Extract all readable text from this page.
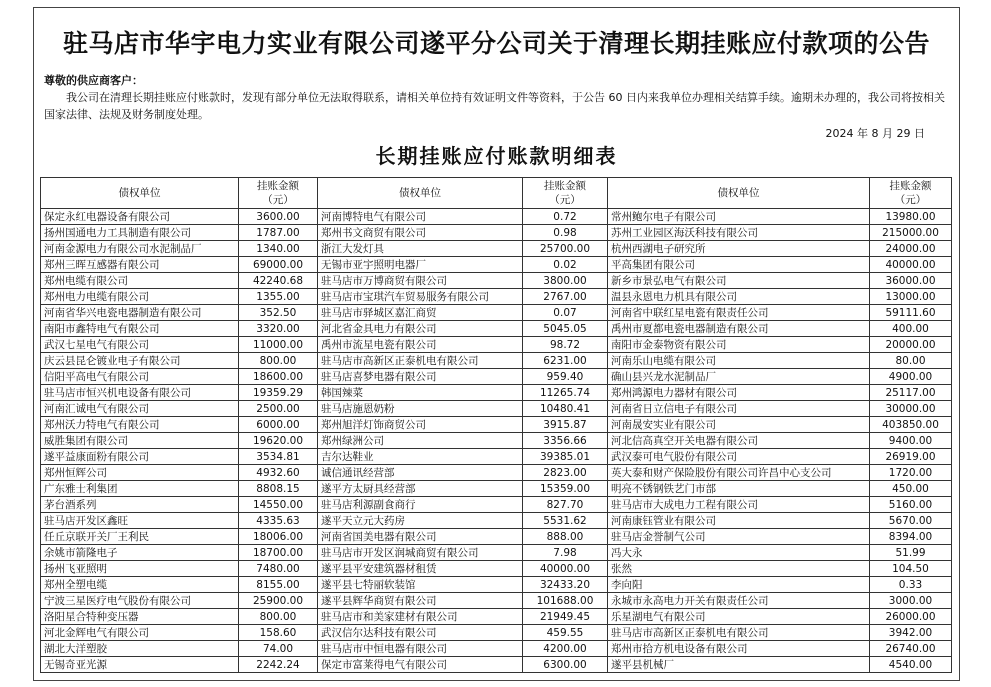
驻马店市华宇电力实业有限公司遂平分公司关于清理长期挂账应付款项的公告
尊敬的供应商客户：
我公司在清理长期挂账应付账款时，发现有部分单位无法取得联系，请相关单位持有效证明文件等资料，于公告 60 日内来我单位办理相关结算手续。逾期未办理的，我公司将按相关国家法律、法规及财务制度处理。
2024 年 8 月 29 日
长期挂账应付账款明细表
债权单位	挂账金额
（元）	债权单位	挂账金额
（元）	债权单位	挂账金额
（元）

保定永红电器设备有限公司	3600.00	河南博特电气有限公司	0.72	常州鲍尔电子有限公司	13980.00
扬州国通电力工具制造有限公司	1787.00	郑州书文商贸有限公司	0.98	苏州工业园区海沃科技有限公司	215000.00
河南金源电力有限公司水泥制品厂	1340.00	浙江大发灯具	25700.00	杭州西湖电子研究所	24000.00
郑州三晖互感器有限公司	69000.00	无锡市亚宇照明电器厂	0.02	平高集团有限公司	40000.00
郑州电缆有限公司	42240.68	驻马店市万博商贸有限公司	3800.00	新乡市景弘电气有限公司	36000.00
郑州电力电缆有限公司	1355.00	驻马店市宝琪汽车贸易服务有限公司	2767.00	温县永恩电力机具有限公司	13000.00
河南省华兴电瓷电器制造有限公司	352.50	驻马店市驿城区嘉汇商贸	0.07	河南省中联红星电瓷有限责任公司	59111.60
南阳市鑫特电气有限公司	3320.00	河北省金具电力有限公司	5045.05	禹州市夏都电瓷电器制造有限公司	400.00
武汉七星电气有限公司	11000.00	禹州市流星电瓷有限公司	98.72	南阳市金泰物资有限公司	20000.00
庆云县昆仑镀业电子有限公司	800.00	驻马店市高新区正泰机电有限公司	6231.00	河南乐山电缆有限公司	80.00
信阳平高电气有限公司	18600.00	驻马店喜梦电器有限公司	959.40	确山县兴龙水泥制品厂	4900.00
驻马店市恒兴机电设备有限公司	19359.29	韩国辣菜	11265.74	郑州鸿源电力器材有限公司	25117.00
河南汇诚电气有限公司	2500.00	驻马店施恩奶粉	10480.41	河南省日立信电子有限公司	30000.00
郑州沃力特电气有限公司	6000.00	郑州旭洋灯饰商贸公司	3915.87	河南晟安实业有限公司	403850.00
威胜集团有限公司	19620.00	郑州绿洲公司	3356.66	河北信高真空开关电器有限公司	9400.00
遂平益康面粉有限公司	3534.81	吉尔达鞋业	39385.01	武汉泰可电气股份有限公司	26919.00
郑州恒辉公司	4932.60	诚信通讯经营部	2823.00	英大泰和财产保险股份有限公司许昌中心支公司	1720.00
广东雅士利集团	8808.15	遂平方太厨具经营部	15359.00	明亮不锈钢铁艺门市部	450.00
茅台酒系列	14550.00	驻马店利源副食商行	827.70	驻马店市大成电力工程有限公司	5160.00
驻马店开发区鑫旺	4335.63	遂平天立元大药房	5531.62	河南康钰管业有限公司	5670.00
任丘京联开关厂王利民	18006.00	河南省国美电器有限公司	888.00	驻马店金誉制气公司	8394.00
余姚市箭隆电子	18700.00	驻马店市开发区润城商贸有限公司	7.98	冯大永	51.99
扬州飞亚照明	7480.00	遂平县平安建筑器材租赁	40000.00	张然	104.50
郑州全塑电缆	8155.00	遂平县七特丽软装馆	32433.20	李向阳	0.33
宁波三星医疗电气股份有限公司	25900.00	遂平县辉华商贸有限公司	101688.00	永城市永高电力开关有限责任公司	3000.00
洛阳星合特种变压器	800.00	驻马店市和美家建材有限公司	21949.45	乐星湖电气有限公司	26000.00
河北金辉电气有限公司	158.60	武汉信尔达科技有限公司	459.55	驻马店市高新区正泰机电有限公司	3942.00
湖北大洋塑胶	74.00	驻马店市中恒电器有限公司	4200.00	郑州市拾方机电设备有限公司	26740.00
无锡奇亚光源	2242.24	保定市富莱得电气有限公司	6300.00	遂平县机械厂	4540.00
